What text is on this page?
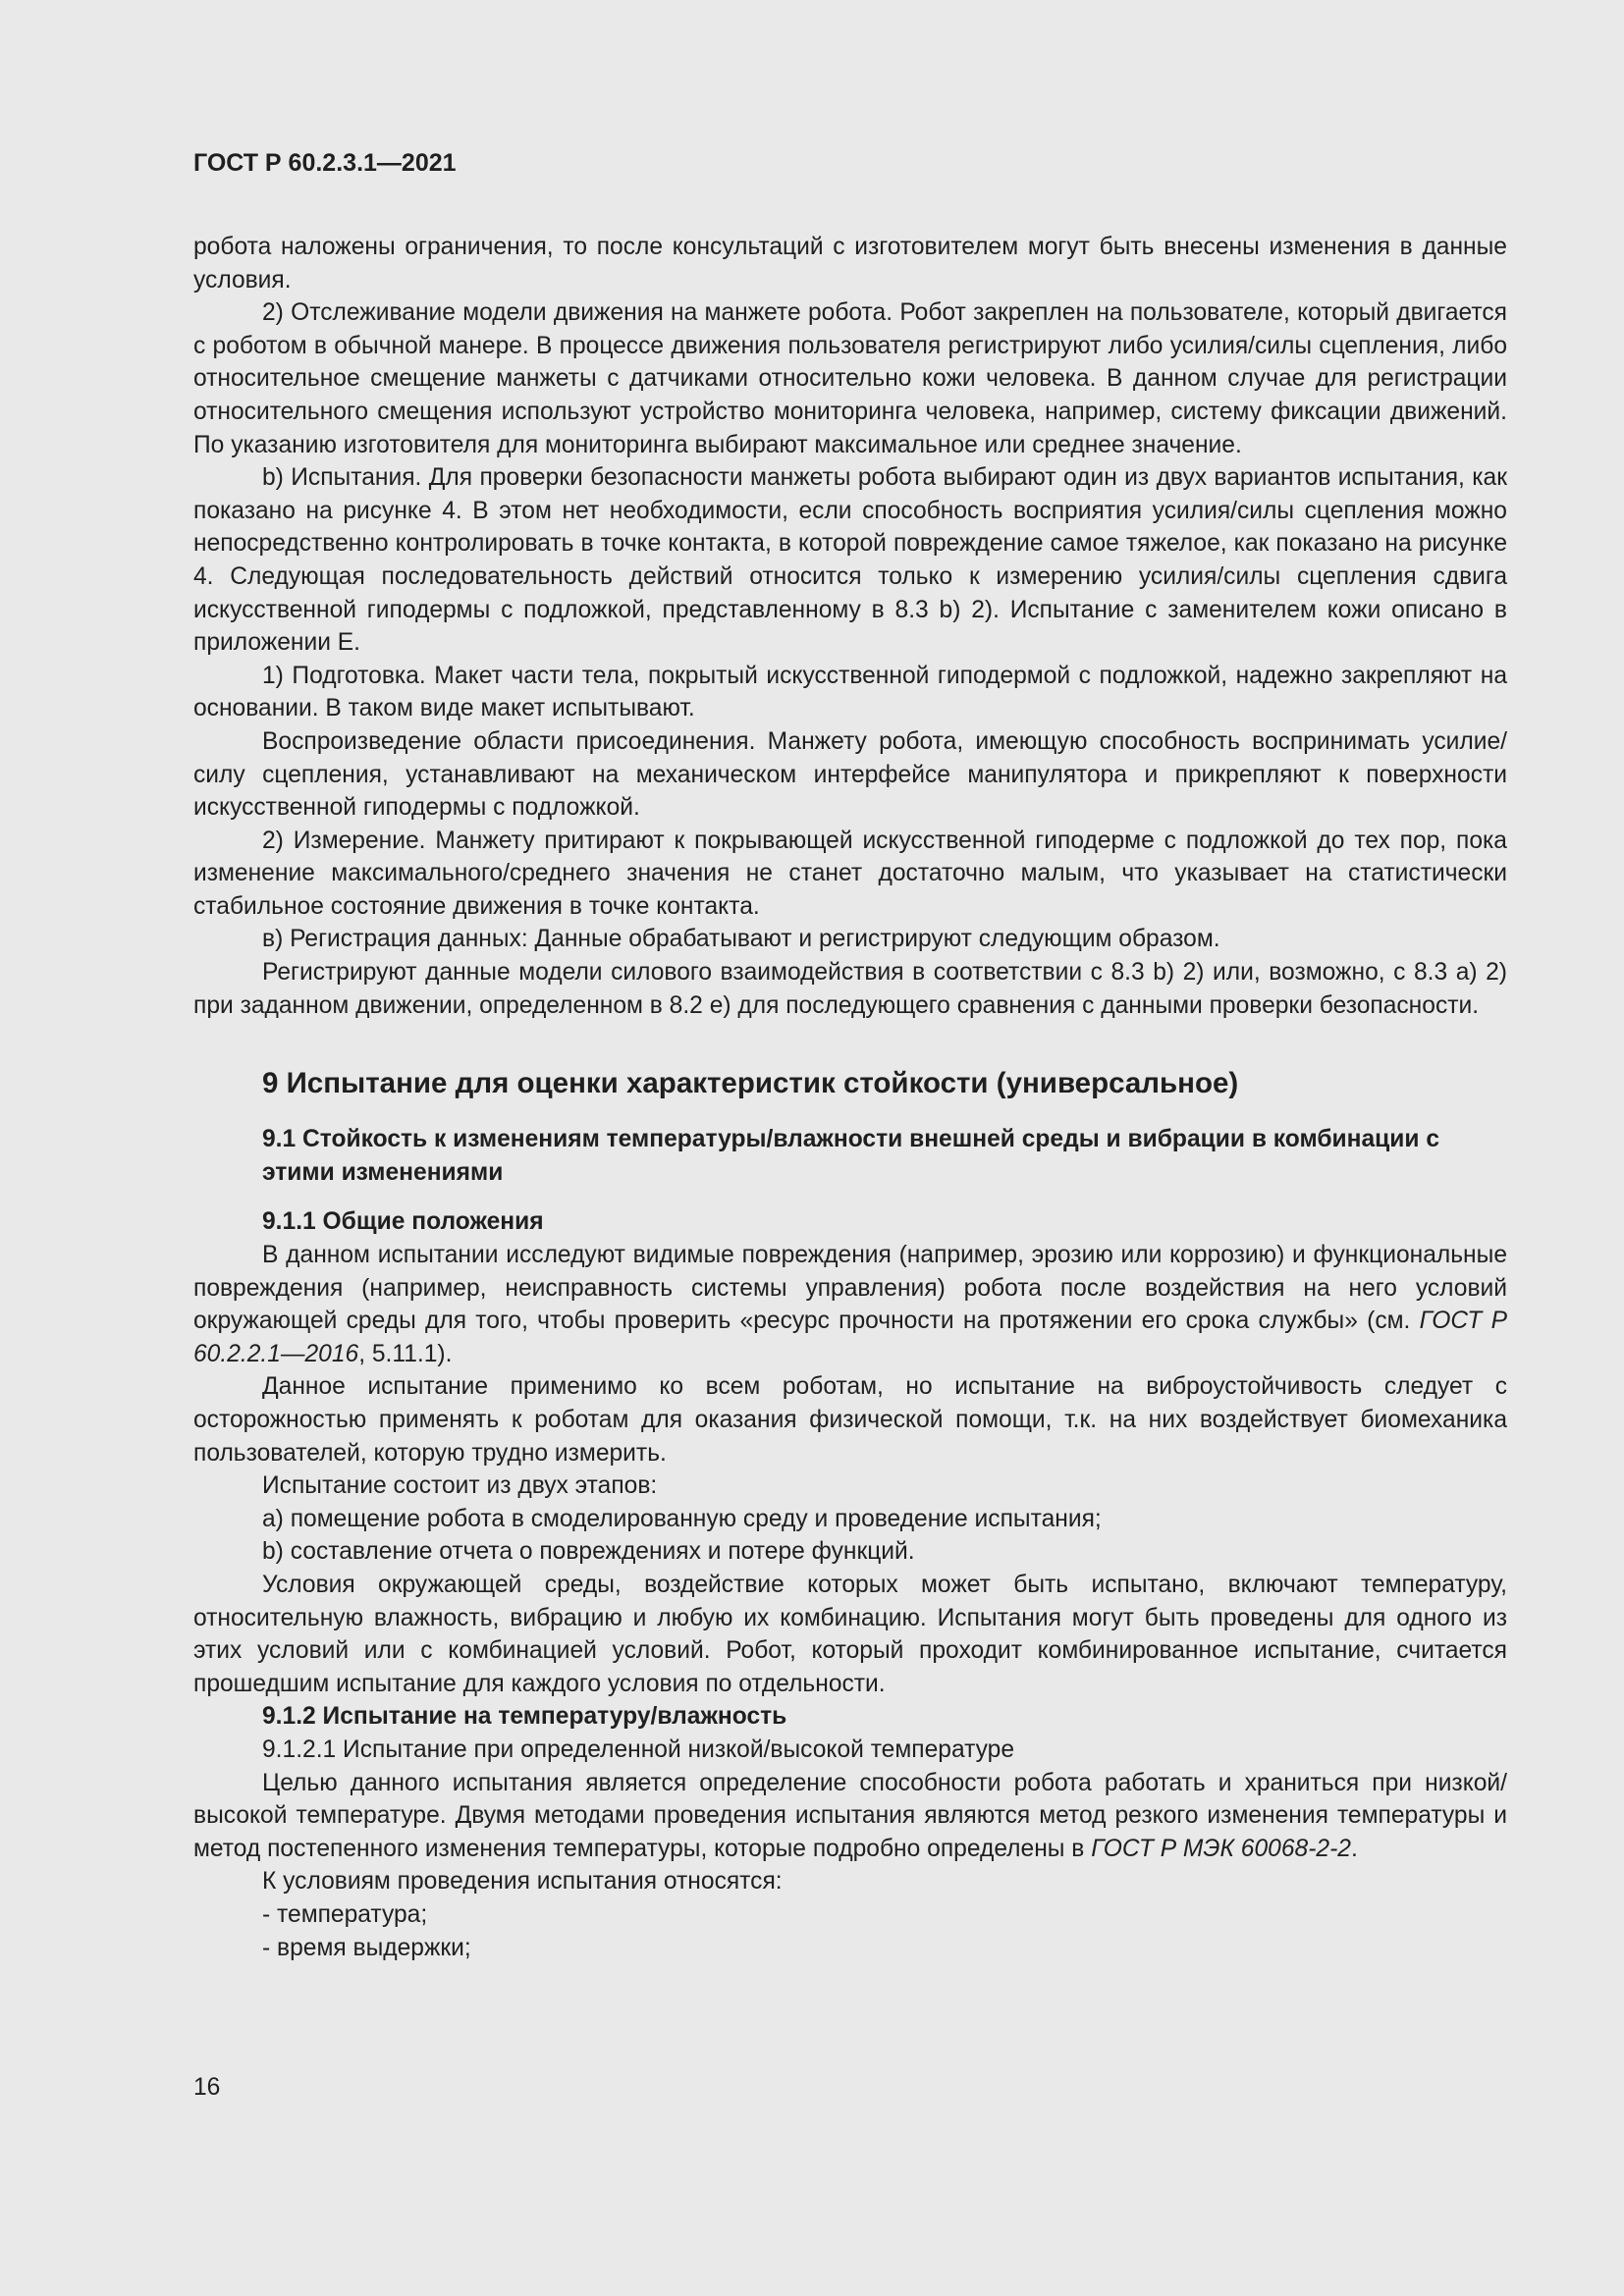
ГОСТ Р 60.2.3.1—2021

робота наложены ограничения, то после консультаций с изготовителем могут быть внесены изменения в данные условия.

2) Отслеживание модели движения на манжете робота. Робот закреплен на пользователе, который двигается с роботом в обычной манере. В процессе движения пользователя регистрируют либо усилия/силы сцепления, либо относительное смещение манжеты с датчиками относительно кожи человека. В данном случае для регистрации относительного смещения используют устройство мониторинга человека, например, систему фиксации движений. По указанию изготовителя для мониторинга выбирают максимальное или среднее значение.

b) Испытания. Для проверки безопасности манжеты робота выбирают один из двух вариантов испытания, как показано на рисунке 4. В этом нет необходимости, если способность восприятия усилия/силы сцепления можно непосредственно контролировать в точке контакта, в которой повреждение самое тяжелое, как показано на рисунке 4. Следующая последовательность действий относится только к измерению усилия/силы сцепления сдвига искусственной гиподермы с подложкой, представленному в 8.3 b) 2). Испытание с заменителем кожи описано в приложении Е.

1) Подготовка. Макет части тела, покрытый искусственной гиподермой с подложкой, надежно закрепляют на основании. В таком виде макет испытывают.

Воспроизведение области присоединения. Манжету робота, имеющую способность воспринимать усилие/силу сцепления, устанавливают на механическом интерфейсе манипулятора и прикрепляют к поверхности искусственной гиподермы с подложкой.

2) Измерение. Манжету притирают к покрывающей искусственной гиподерме с подложкой до тех пор, пока изменение максимального/среднего значения не станет достаточно малым, что указывает на статистически стабильное состояние движения в точке контакта.

в) Регистрация данных: Данные обрабатывают и регистрируют следующим образом.

Регистрируют данные модели силового взаимодействия в соответствии с 8.3 b) 2) или, возможно, с 8.3 а) 2) при заданном движении, определенном в 8.2 е) для последующего сравнения с данными проверки безопасности.

9 Испытание для оценки характеристик стойкости (универсальное)
9.1 Стойкость к изменениям температуры/влажности внешней среды и вибрации в комбинации с этими изменениями
9.1.1 Общие положения

В данном испытании исследуют видимые повреждения (например, эрозию или коррозию) и функциональные повреждения (например, неисправность системы управления) робота после воздействия на него условий окружающей среды для того, чтобы проверить «ресурс прочности на протяжении его срока службы» (см. ГОСТ Р 60.2.2.1—2016, 5.11.1).

Данное испытание применимо ко всем роботам, но испытание на виброустойчивость следует с осторожностью применять к роботам для оказания физической помощи, т.к. на них воздействует биомеханика пользователей, которую трудно измерить.

Испытание состоит из двух этапов:

а) помещение робота в смоделированную среду и проведение испытания;

b) составление отчета о повреждениях и потере функций.

Условия окружающей среды, воздействие которых может быть испытано, включают температуру, относительную влажность, вибрацию и любую их комбинацию. Испытания могут быть проведены для одного из этих условий или с комбинацией условий. Робот, который проходит комбинированное испытание, считается прошедшим испытание для каждого условия по отдельности.

9.1.2 Испытание на температуру/влажность

9.1.2.1 Испытание при определенной низкой/высокой температуре

Целью данного испытания является определение способности робота работать и храниться при низкой/высокой температуре. Двумя методами проведения испытания являются метод резкого изменения температуры и метод постепенного изменения температуры, которые подробно определены в ГОСТ Р МЭК 60068-2-2.

К условиям проведения испытания относятся:

- температура;

- время выдержки;

16
